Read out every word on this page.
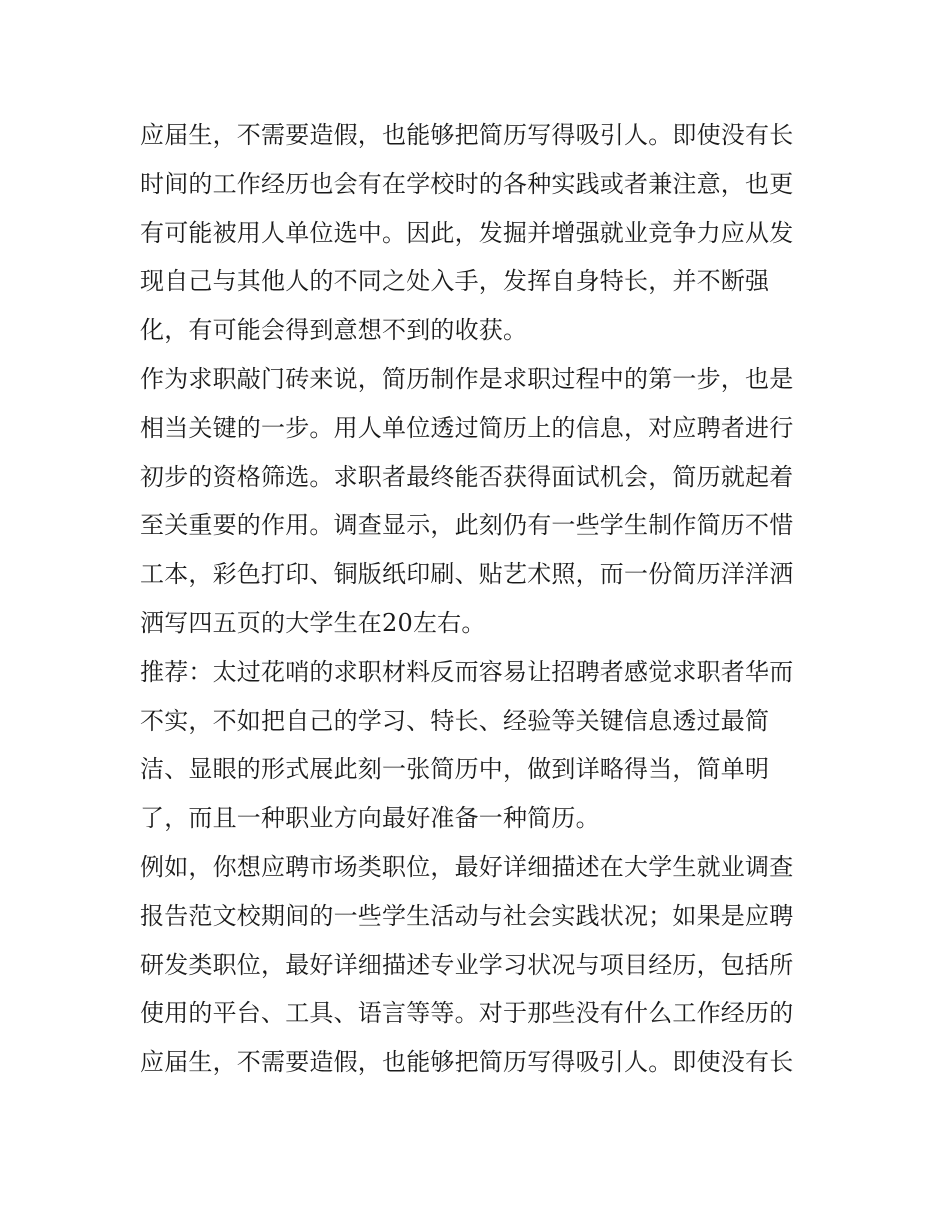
应届生，不需要造假，也能够把简历写得吸引人。即使没有长
时间的工作经历也会有在学校时的各种实践或者兼注意，也更
有可能被用人单位选中。因此，发掘并增强就业竞争力应从发
现自己与其他人的不同之处入手，发挥自身特长，并不断强
化，有可能会得到意想不到的收获。

作为求职敲门砖来说，简历制作是求职过程中的第一步，也是
相当关键的一步。用人单位透过简历上的信息，对应聘者进行
初步的资格筛选。求职者最终能否获得面试机会，简历就起着
至关重要的作用。调查显示，此刻仍有一些学生制作简历不惜
工本，彩色打印、铜版纸印刷、贴艺术照，而一份简历洋洋洒
洒写四五页的大学生在20左右。

推荐：太过花哨的求职材料反而容易让招聘者感觉求职者华而
不实，不如把自己的学习、特长、经验等关键信息透过最简
洁、显眼的形式展此刻一张简历中，做到详略得当，简单明
了，而且一种职业方向最好准备一种简历。

例如，你想应聘市场类职位，最好详细描述在大学生就业调查
报告范文校期间的一些学生活动与社会实践状况；如果是应聘
研发类职位，最好详细描述专业学习状况与项目经历，包括所
使用的平台、工具、语言等等。对于那些没有什么工作经历的
应届生，不需要造假，也能够把简历写得吸引人。即使没有长
